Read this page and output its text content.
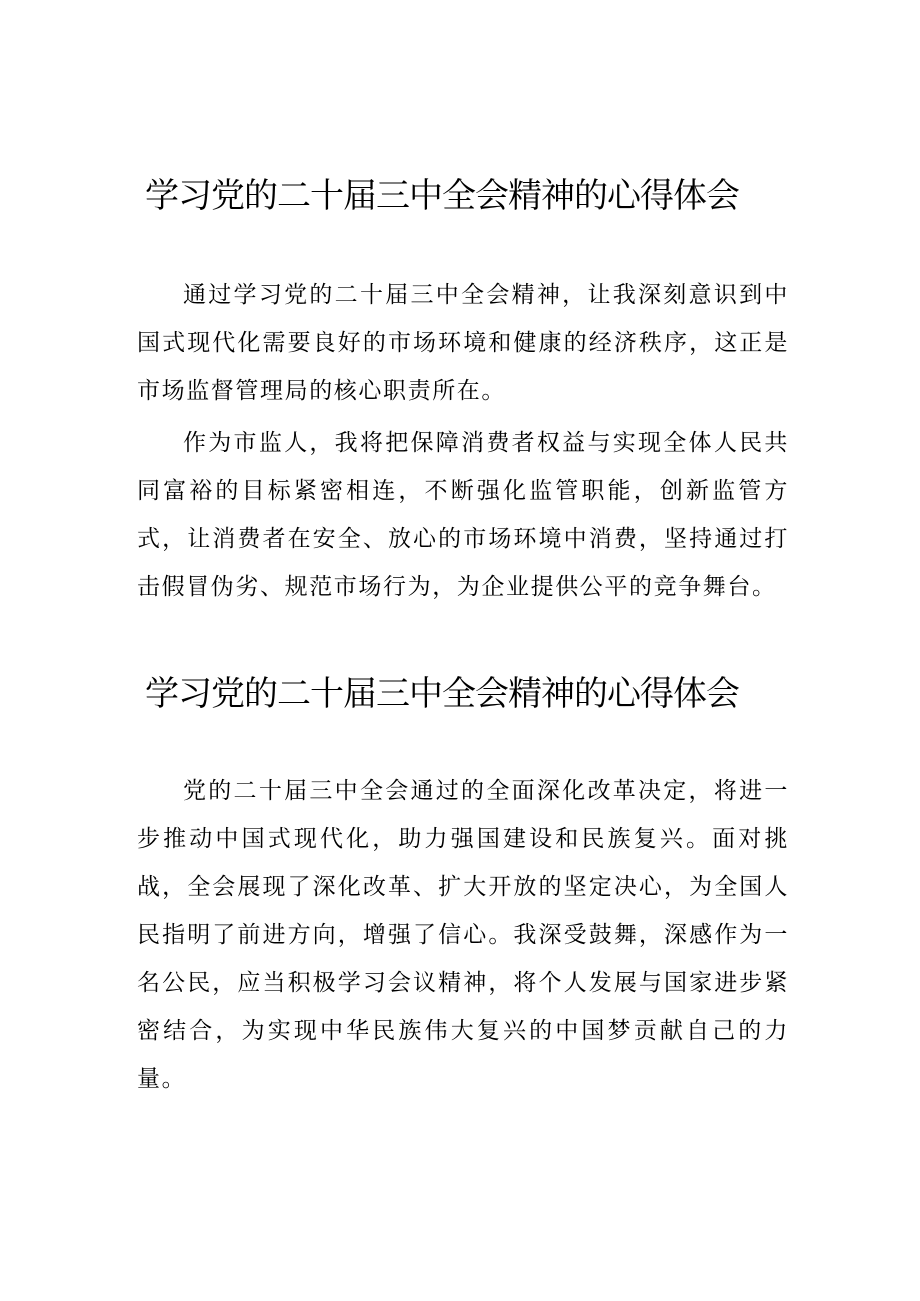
学习党的二十届三中全会精神的心得体会

通过学习党的二十届三中全会精神，让我深刻意识到中国式现代化需要良好的市场环境和健康的经济秩序，这正是市场监督管理局的核心职责所在。

作为市监人，我将把保障消费者权益与实现全体人民共同富裕的目标紧密相连，不断强化监管职能，创新监管方式，让消费者在安全、放心的市场环境中消费，坚持通过打击假冒伪劣、规范市场行为，为企业提供公平的竞争舞台。

学习党的二十届三中全会精神的心得体会

党的二十届三中全会通过的全面深化改革决定，将进一步推动中国式现代化，助力强国建设和民族复兴。面对挑战，全会展现了深化改革、扩大开放的坚定决心，为全国人民指明了前进方向，增强了信心。我深受鼓舞，深感作为一名公民，应当积极学习会议精神，将个人发展与国家进步紧密结合，为实现中华民族伟大复兴的中国梦贡献自己的力量。
